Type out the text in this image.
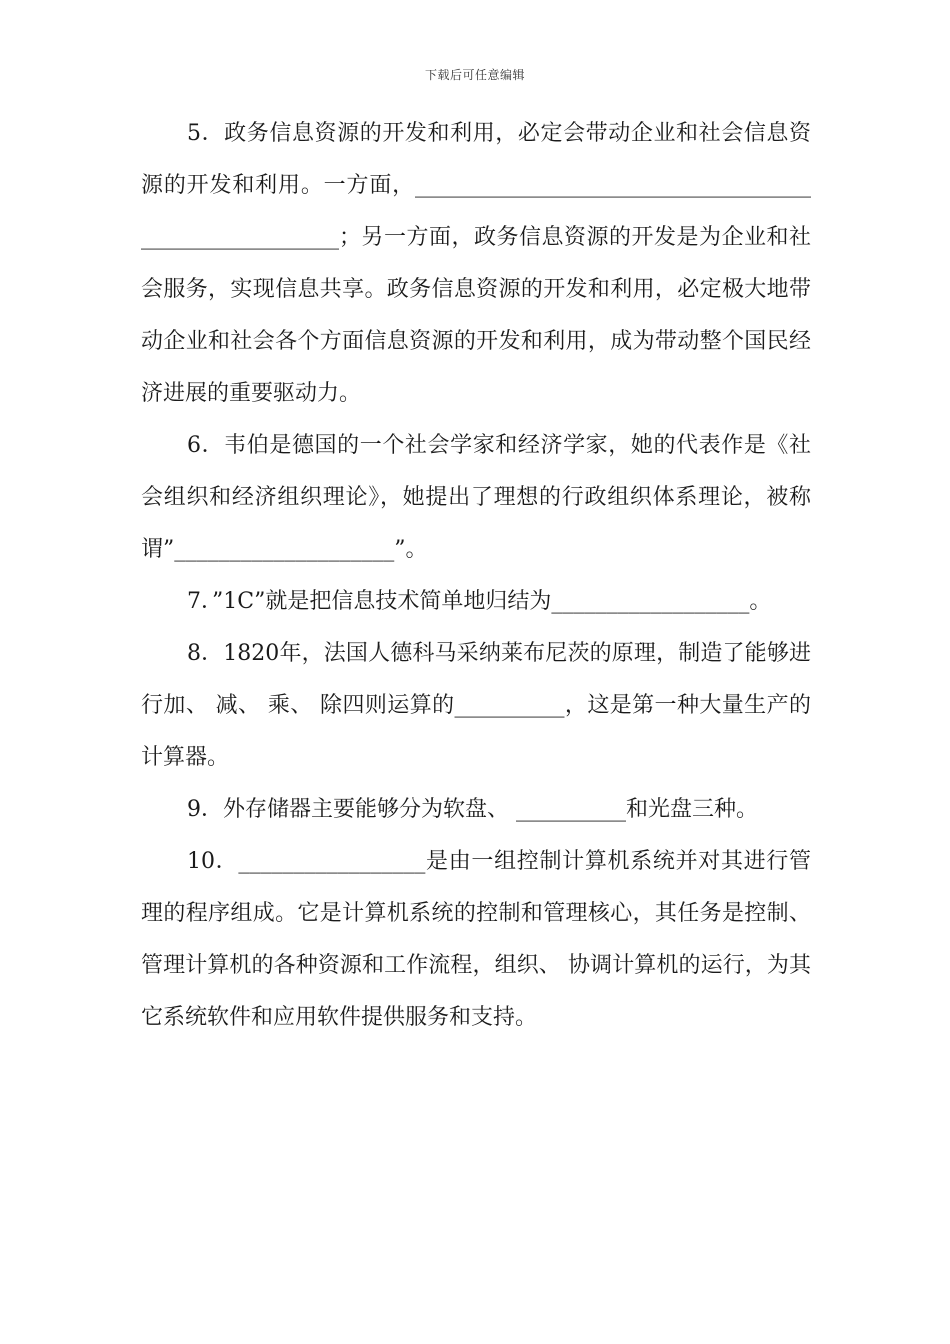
下载后可任意编辑

5．政务信息资源的开发和利用，必定会带动企业和社会信息资源的开发和利用。一方面，______________________________________________________；另一方面，政务信息资源的开发是为企业和社会服务，实现信息共享。政务信息资源的开发和利用，必定极大地带动企业和社会各个方面信息资源的开发和利用，成为带动整个国民经济进展的重要驱动力。

6．韦伯是德国的一个社会学家和经济学家，她的代表作是《社会组织和经济组织理论》，她提出了理想的行政组织体系理论，被称谓”____________________”。

7．”1C”就是把信息技术简单地归结为__________________。

8．1820年，法国人德科马采纳莱布尼茨的原理，制造了能够进行加、 减、 乘、 除四则运算的__________，这是第一种大量生产的计算器。

9．外存储器主要能够分为软盘、 __________和光盘三种。

10．_________________是由一组控制计算机系统并对其进行管理的程序组成。它是计算机系统的控制和管理核心，其任务是控制、 管理计算机的各种资源和工作流程，组织、 协调计算机的运行，为其它系统软件和应用软件提供服务和支持。
